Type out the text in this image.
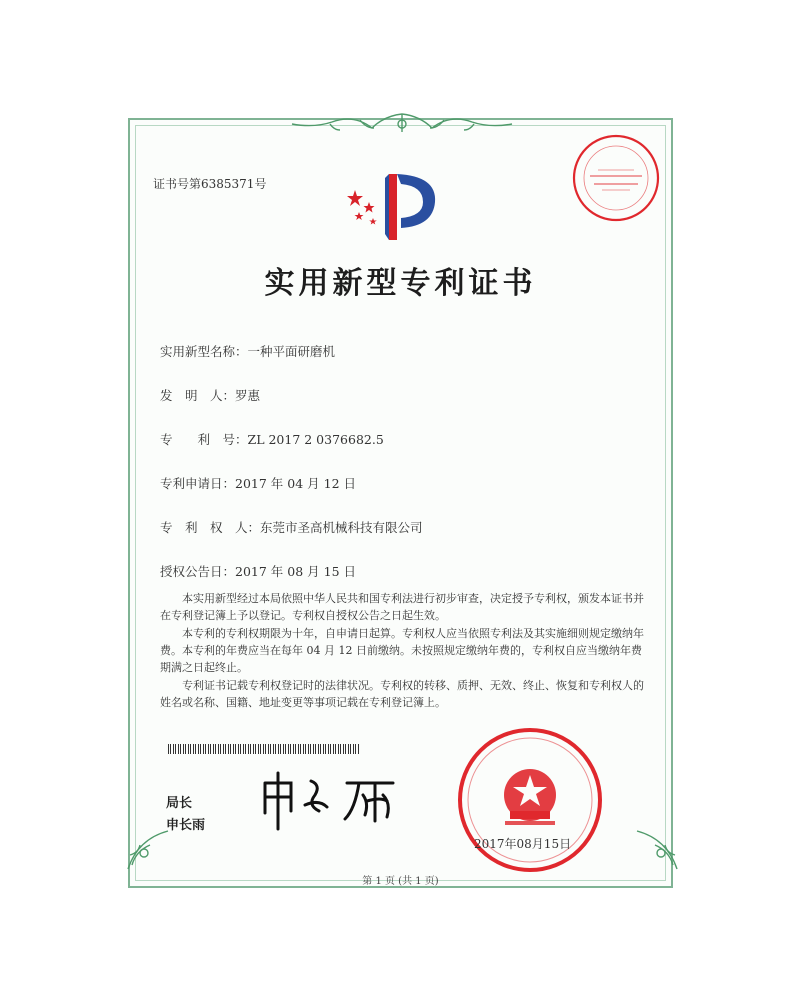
证书号第6385371号
实用新型专利证书
实用新型名称：一种平面研磨机
发　明　人：罗惠
专　　利　号：ZL 2017 2 0376682.5
专利申请日：2017 年 04 月 12 日
专　利　权　人：东莞市圣高机械科技有限公司
授权公告日：2017 年 08 月 15 日

本实用新型经过本局依照中华人民共和国专利法进行初步审查，决定授予专利权，颁发本证书并在专利登记簿上予以登记。专利权自授权公告之日起生效。

本专利的专利权期限为十年，自申请日起算。专利权人应当依照专利法及其实施细则规定缴纳年费。本专利的年费应当在每年 04 月 12 日前缴纳。未按照规定缴纳年费的，专利权自应当缴纳年费期满之日起终止。

专利证书记载专利权登记时的法律状况。专利权的转移、质押、无效、终止、恢复和专利权人的姓名或名称、国籍、地址变更等事项记载在专利登记簿上。

局长
申长雨
2017年08月15日
第 1 页 (共 1 页)
